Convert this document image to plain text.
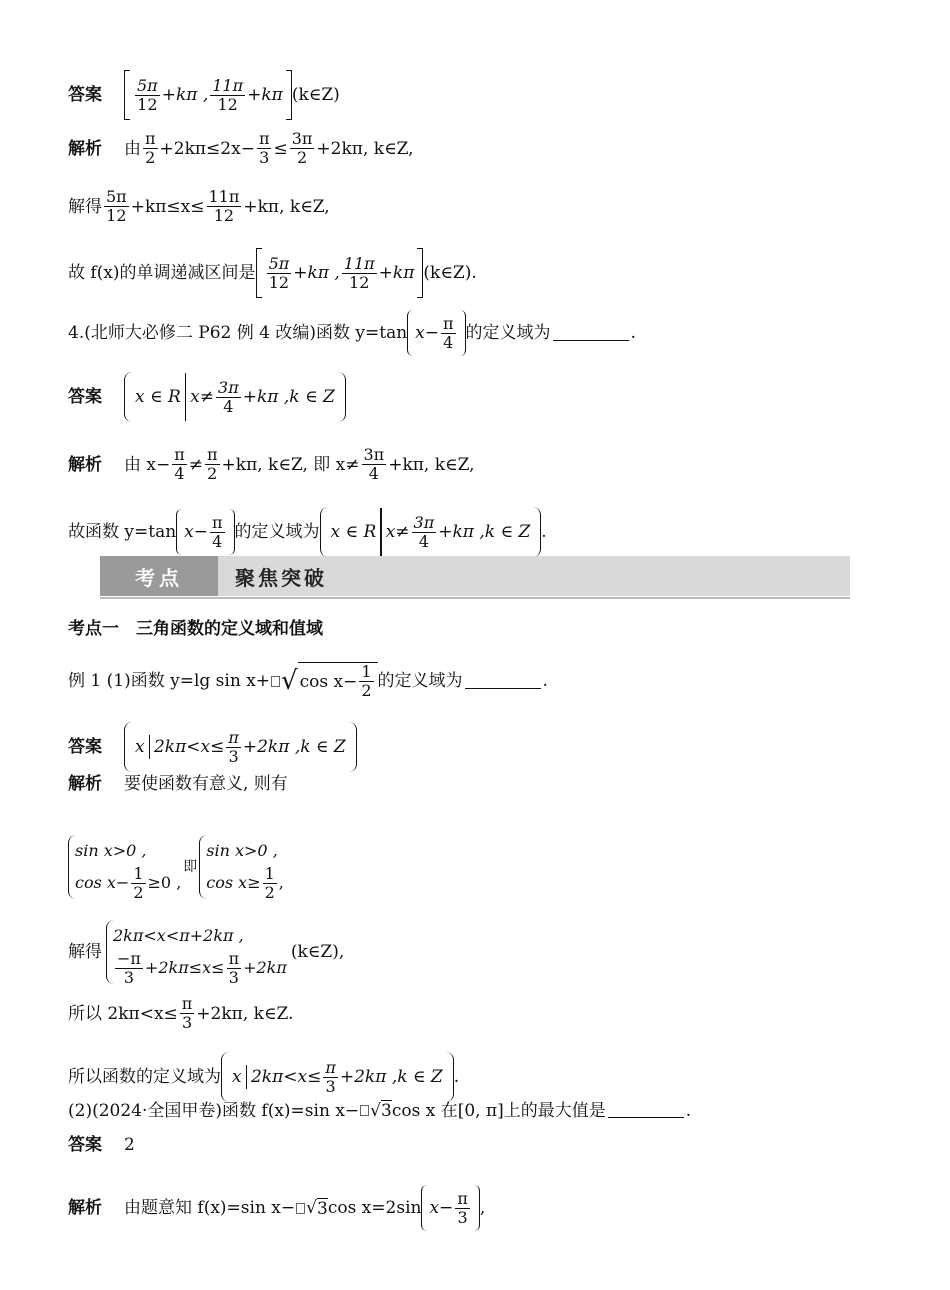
答案 $\frac{5\pi}{12} +k\pi$ , $\frac{11\pi}{12} +k\pi$ (k∈Z)
解析 由 $\frac{\pi}{2} +2k\pi\le 2x- \frac{\pi}{3} \le \frac{3\pi}{2} +2k\pi$, k∈Z,
解得 $\frac{5\pi}{12} +k\pi\le x\le \frac{11\pi}{12} +k\pi$, k∈Z,
故 f(x)的单调递减区间是 $\frac{5\pi}{12} +k\pi$ , $\frac{11\pi}{12} +k\pi$ (k∈Z).
4.(北师大必修二 P62 例 4 改编)函数 y=tan $x- \frac{\pi}{4}$ 的定义域为	.
答案 x ∈ R $x\ne \frac{3\pi}{4} +k\pi$ ,k ∈ Z
解析 由 $x- \frac{\pi}{4} \ne \frac{\pi}{2} +k\pi$, k∈Z, 即 $x\ne \frac{3\pi}{4} +k\pi$, k∈Z,
故函数 y=tan $x- \frac{\pi}{4}$ 的定义域为 x ∈ R $x\ne \frac{3\pi}{4} +k\pi$ ,k ∈ Z .
考点	聚焦突破
考点一　三角函数的定义域和值域
例 1 (1)函数 y=lg sin x+ √ $\cos x- \frac{1}{2}$ 的定义域为	.
答案 x $2k\pi<x\le \frac{\pi}{3} +2k\pi$ ,k ∈ Z
解析 要使函数有意义, 则有
sin x>0 ,
$\cos x- \frac{1}{2} \ge 0$ ,
即
sin x>0 ,
$\cos x\ge \frac{1}{2}$ ,
解得
2kπ<x<π+2kπ ,
$\frac{-\pi}{3} +2k\pi\le x\le \frac{\pi}{3} +2k\pi$
(k∈Z),
所以 $2k\pi<x\le \frac{\pi}{3} +2k\pi$, k∈Z.
所以函数的定义域为 x $2k\pi<x\le \frac{\pi}{3} +2k\pi$ ,k ∈ Z .
(2)(2024·全国甲卷)函数 f(x)=sin x− √ 3 cos x 在[0, π]上的最大值是	.
答案 2
解析 由题意知 f(x)=sin x− √ 3 cos x=2sin $x- \frac{\pi}{3}$ ,
